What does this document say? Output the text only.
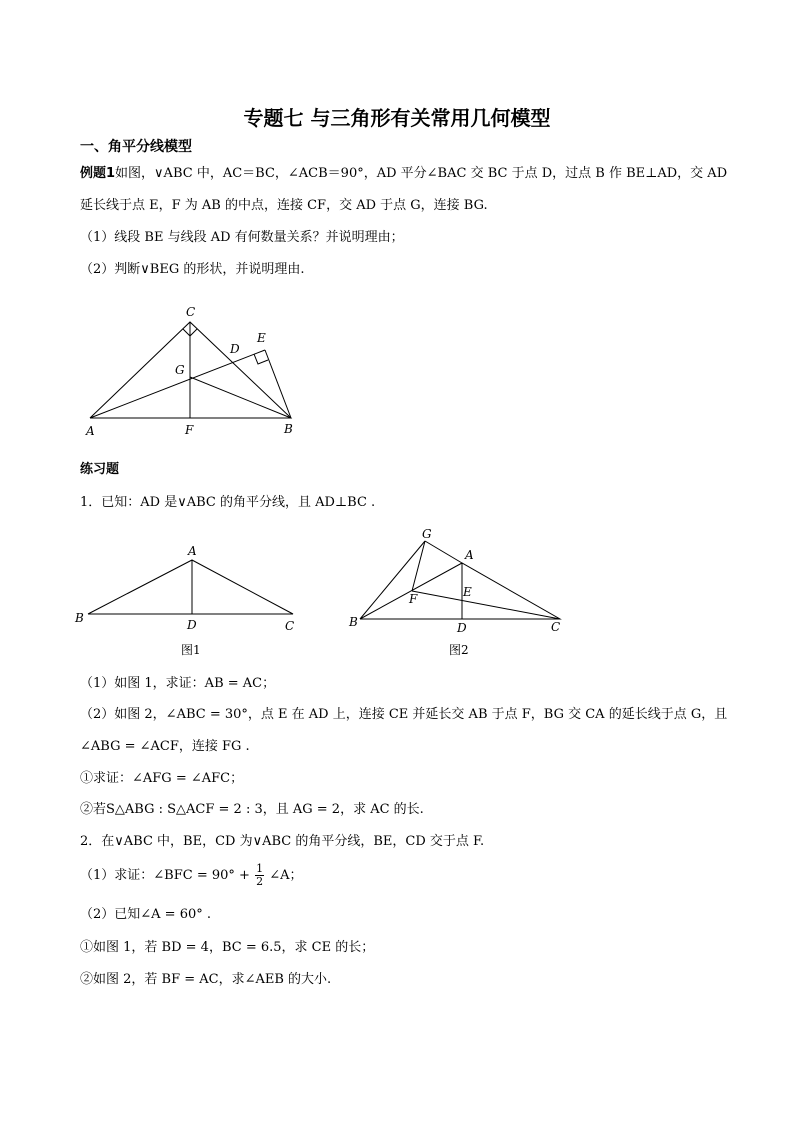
专题七 与三角形有关常用几何模型
一、角平分线模型
例题1如图，∨ABC 中，AC＝BC，∠ACB＝90°，AD 平分∠BAC 交 BC 于点 D，过点 B 作 BE⊥AD，交 AD
延长线于点 E，F 为 AB 的中点，连接 CF，交 AD 于点 G，连接 BG.
（1）线段 BE 与线段 AD 有何数量关系？并说明理由；
（2）判断∨BEG 的形状，并说明理由.
C
E
D
G
A	F	B
练习题
1．已知：AD 是∨ABC 的角平分线，且 AD⊥BC .
A
B	D	C
图1
G
A
F	E
B	D	C
图2
（1）如图 1，求证：AB = AC；
（2）如图 2，∠ABC = 30°，点 E 在 AD 上，连接 CE 并延长交 AB 于点 F，BG 交 CA 的延长线于点 G，且
∠ABG = ∠ACF，连接 FG .
①求证：∠AFG = ∠AFC；
②若S△ABG : S△ACF = 2 : 3，且 AG = 2，求 AC 的长.
2．在∨ABC 中，BE，CD 为∨ABC 的角平分线，BE，CD 交于点 F.
（1）求证：∠BFC = $90^\circ + \frac{1}{2}$ ∠A；
（2）已知∠A = 60° .
①如图 1，若 BD = 4，BC = 6.5，求 CE 的长；
②如图 2，若 BF = AC，求∠AEB 的大小.
